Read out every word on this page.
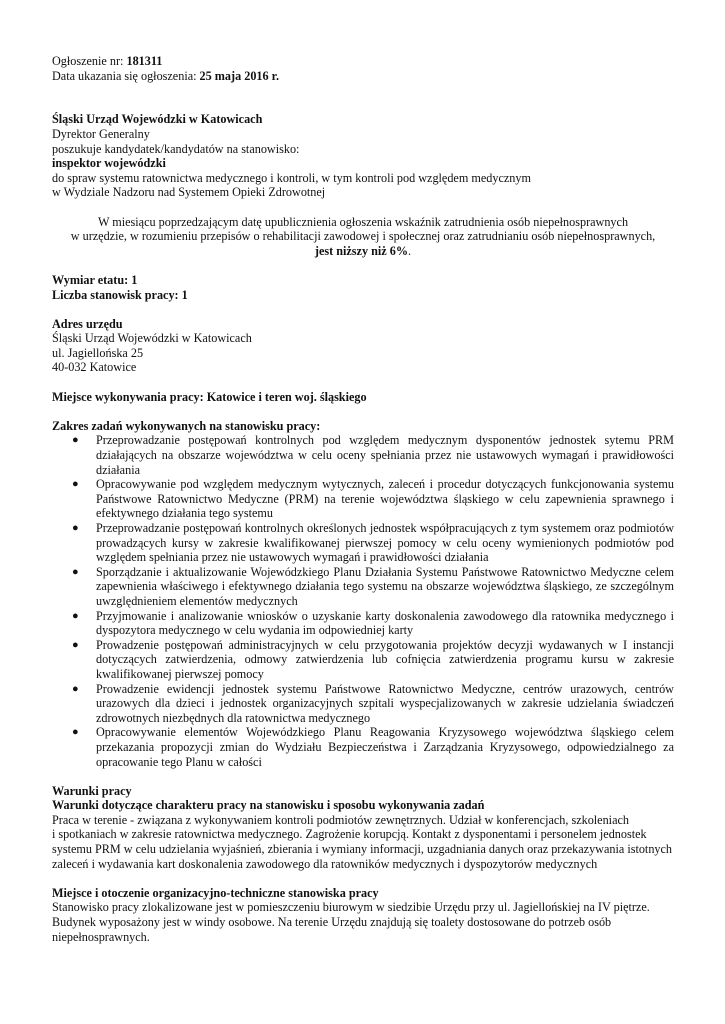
Ogłoszenie nr: 181311

Data ukazania się ogłoszenia: 25 maja 2016 r.

Śląski Urząd Wojewódzki w Katowicach

Dyrektor Generalny

poszukuje kandydatek/kandydatów na stanowisko:

inspektor wojewódzki

do spraw systemu ratownictwa medycznego i kontroli, w tym kontroli pod względem medycznym

w Wydziale Nadzoru nad Systemem Opieki Zdrowotnej

W miesiącu poprzedzającym datę upublicznienia ogłoszenia wskaźnik zatrudnienia osób niepełnosprawnych

w urzędzie, w rozumieniu przepisów o rehabilitacji zawodowej i społecznej oraz zatrudnianiu osób niepełnosprawnych,

jest niższy niż 6%.

Wymiar etatu: 1

Liczba stanowisk pracy: 1

Adres urzędu

Śląski Urząd Wojewódzki w Katowicach

ul. Jagiellońska 25

40-032 Katowice

Miejsce wykonywania pracy: Katowice i teren woj. śląskiego

Zakres zadań wykonywanych na stanowisku pracy:

● Przeprowadzanie postępowań kontrolnych pod względem medycznym dysponentów jednostek sytemu PRM działających na obszarze województwa w celu oceny spełniania przez nie ustawowych wymagań i prawidłowości działania
● Opracowywanie pod względem medycznym wytycznych, zaleceń i procedur dotyczących funkcjonowania systemu Państwowe Ratownictwo Medyczne (PRM) na terenie województwa śląskiego w celu zapewnienia sprawnego i efektywnego działania tego systemu
● Przeprowadzanie postępowań kontrolnych określonych jednostek współpracujących z tym systemem oraz podmiotów prowadzących kursy w zakresie kwalifikowanej pierwszej pomocy w celu oceny wymienionych podmiotów pod względem spełniania przez nie ustawowych wymagań i prawidłowości działania
● Sporządzanie i aktualizowanie Wojewódzkiego Planu Działania Systemu Państwowe Ratownictwo Medyczne celem zapewnienia właściwego i efektywnego działania tego systemu na obszarze województwa śląskiego, ze szczególnym uwzględnieniem elementów medycznych
● Przyjmowanie i analizowanie wniosków o uzyskanie karty doskonalenia zawodowego dla ratownika medycznego i dyspozytora medycznego w celu wydania im odpowiedniej karty
● Prowadzenie postępowań administracyjnych w celu przygotowania projektów decyzji wydawanych w I instancji dotyczących zatwierdzenia, odmowy zatwierdzenia lub cofnięcia zatwierdzenia programu kursu w zakresie kwalifikowanej pierwszej pomocy
● Prowadzenie ewidencji jednostek systemu Państwowe Ratownictwo Medyczne, centrów urazowych, centrów urazowych dla dzieci i jednostek organizacyjnych szpitali wyspecjalizowanych w zakresie udzielania świadczeń zdrowotnych niezbędnych dla ratownictwa medycznego
● Opracowywanie elementów Wojewódzkiego Planu Reagowania Kryzysowego województwa śląskiego celem przekazania propozycji zmian do Wydziału Bezpieczeństwa i Zarządzania Kryzysowego, odpowiedzialnego za opracowanie tego Planu w całości

Warunki pracy

Warunki dotyczące charakteru pracy na stanowisku i sposobu wykonywania zadań

Praca w terenie - związana z wykonywaniem kontroli podmiotów zewnętrznych. Udział w konferencjach, szkoleniach

i spotkaniach w zakresie ratownictwa medycznego. Zagrożenie korupcją. Kontakt z dysponentami i personelem jednostek

systemu PRM w celu udzielania wyjaśnień, zbierania i wymiany informacji, uzgadniania danych oraz przekazywania istotnych

zaleceń i wydawania kart doskonalenia zawodowego dla ratowników medycznych i dyspozytorów medycznych

Miejsce i otoczenie organizacyjno-techniczne stanowiska pracy

Stanowisko pracy zlokalizowane jest w pomieszczeniu biurowym w siedzibie Urzędu przy ul. Jagiellońskiej na IV piętrze.

Budynek wyposażony jest w windy osobowe. Na terenie Urzędu znajdują się toalety dostosowane do potrzeb osób

niepełnosprawnych.
